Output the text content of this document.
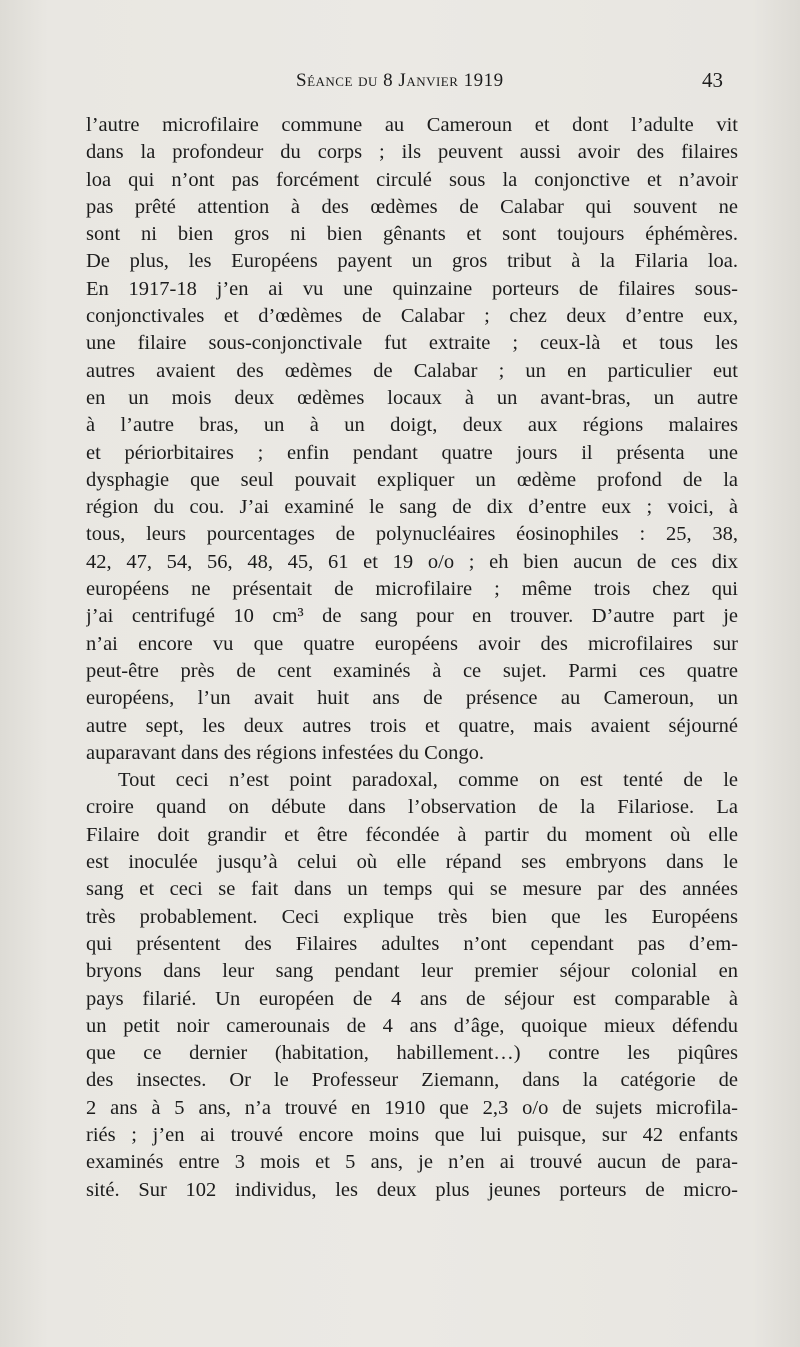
Séance du 8 Janvier 1919	43
l’autre microfilaire commune au Cameroun et dont l’adulte vit
dans la profondeur du corps ; ils peuvent aussi avoir des filaires
loa qui n’ont pas forcément circulé sous la conjonctive et n’avoir
pas prêté attention à des œdèmes de Calabar qui souvent ne
sont ni bien gros ni bien gênants et sont toujours éphémères.
De plus, les Européens payent un gros tribut à la Filaria loa.
En 1917-18 j’en ai vu une quinzaine porteurs de filaires sous-
conjonctivales et d’œdèmes de Calabar ; chez deux d’entre eux,
une filaire sous-conjonctivale fut extraite ; ceux-là et tous les
autres avaient des œdèmes de Calabar ; un en particulier eut
en un mois deux œdèmes locaux à un avant-bras, un autre
à l’autre bras, un à un doigt, deux aux régions malaires
et périorbitaires ; enfin pendant quatre jours il présenta une
dysphagie que seul pouvait expliquer un œdème profond de la
région du cou. J’ai examiné le sang de dix d’entre eux ; voici, à
tous, leurs pourcentages de polynucléaires éosinophiles : 25, 38,
42, 47, 54, 56, 48, 45, 61 et 19 o/o ; eh bien aucun de ces dix
européens ne présentait de microfilaire ; même trois chez qui
j’ai centrifugé 10 cm³ de sang pour en trouver. D’autre part je
n’ai encore vu que quatre européens avoir des microfilaires sur
peut-être près de cent examinés à ce sujet. Parmi ces quatre
européens, l’un avait huit ans de présence au Cameroun, un
autre sept, les deux autres trois et quatre, mais avaient séjourné
auparavant dans des régions infestées du Congo.
Tout ceci n’est point paradoxal, comme on est tenté de le
croire quand on débute dans l’observation de la Filariose. La
Filaire doit grandir et être fécondée à partir du moment où elle
est inoculée jusqu’à celui où elle répand ses embryons dans le
sang et ceci se fait dans un temps qui se mesure par des années
très probablement. Ceci explique très bien que les Européens
qui présentent des Filaires adultes n’ont cependant pas d’em-
bryons dans leur sang pendant leur premier séjour colonial en
pays filarié. Un européen de 4 ans de séjour est comparable à
un petit noir camerounais de 4 ans d’âge, quoique mieux défendu
que ce dernier (habitation, habillement…) contre les piqûres
des insectes. Or le Professeur Ziemann, dans la catégorie de
2 ans à 5 ans, n’a trouvé en 1910 que 2,3 o/o de sujets microfila-
riés ; j’en ai trouvé encore moins que lui puisque, sur 42 enfants
examinés entre 3 mois et 5 ans, je n’en ai trouvé aucun de para-
sité. Sur 102 individus, les deux plus jeunes porteurs de micro-
